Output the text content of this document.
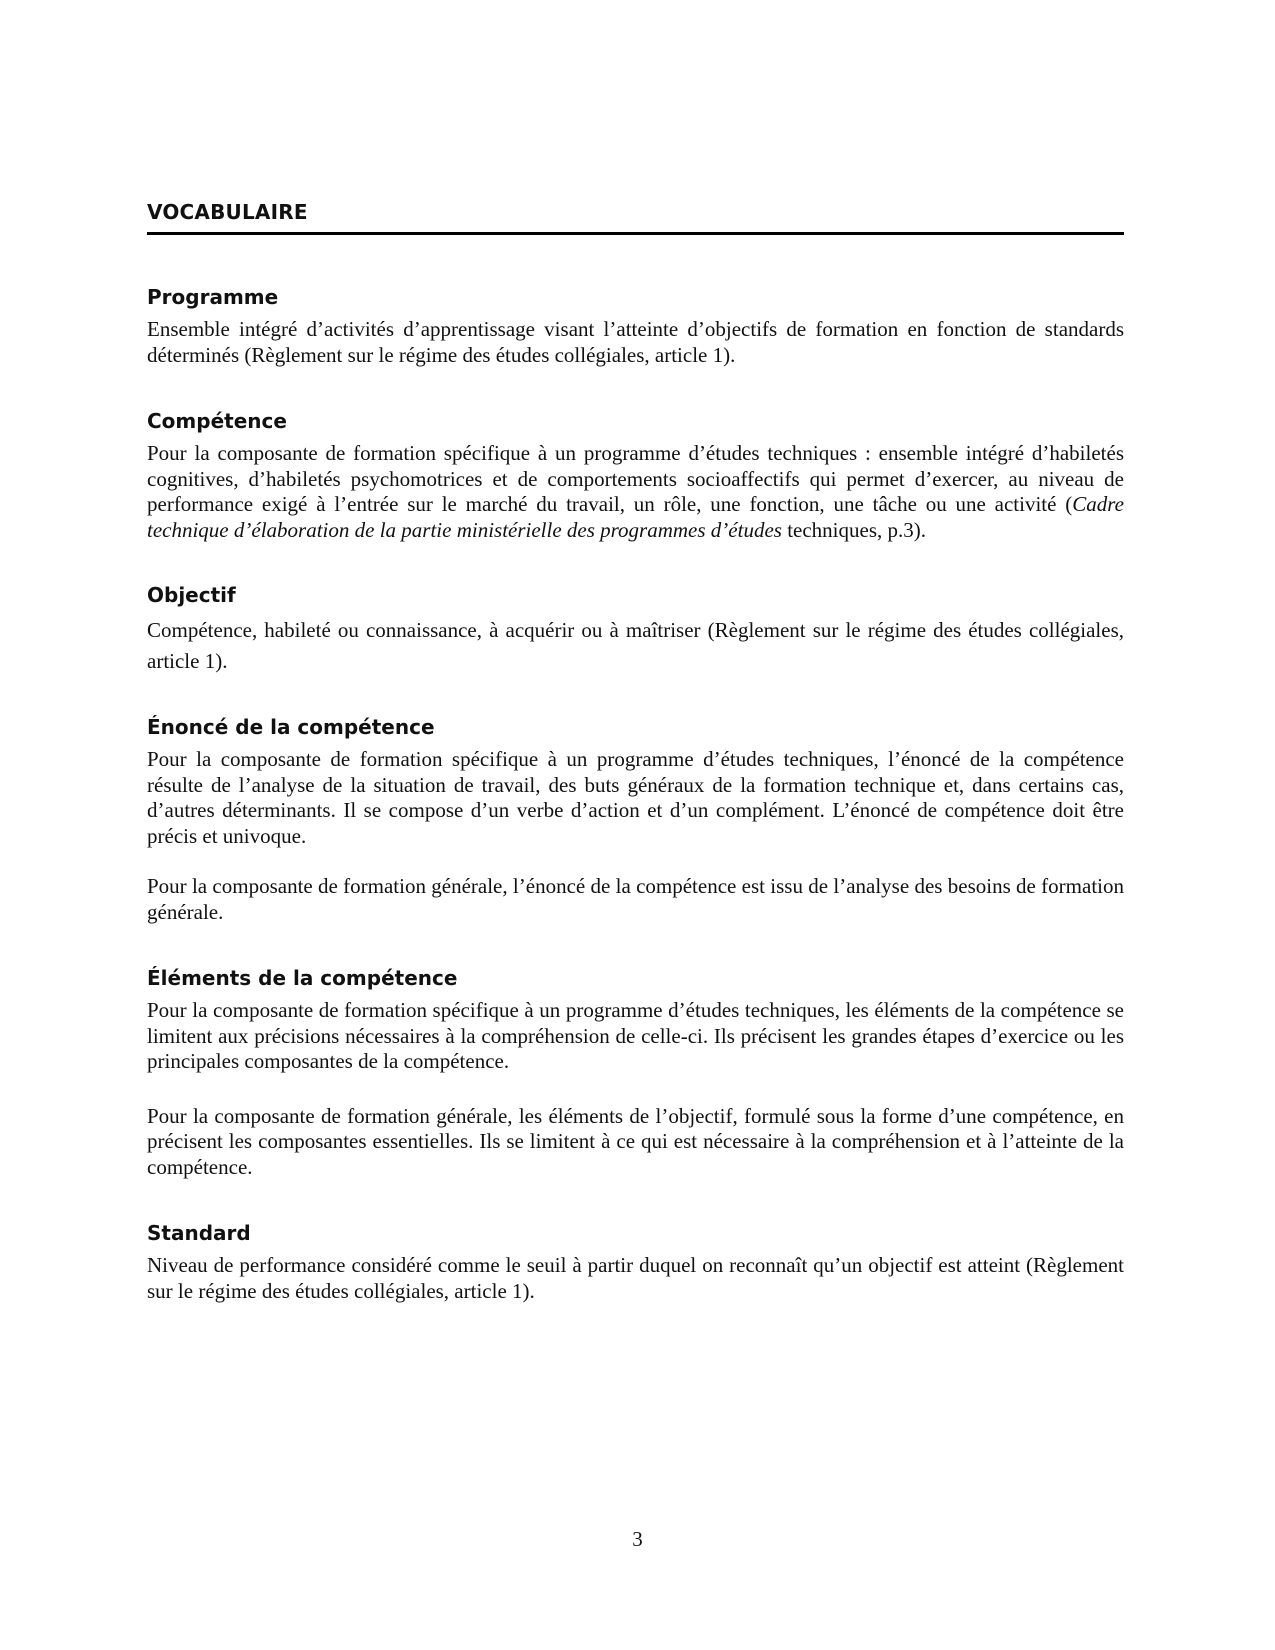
VOCABULAIRE
Programme

Ensemble intégré d’activités d’apprentissage visant l’atteinte d’objectifs de formation en fonction de standards déterminés (Règlement sur le régime des études collégiales, article 1).

Compétence

Pour la composante de formation spécifique à un programme d’études techniques : ensemble intégré d’habiletés cognitives, d’habiletés psychomotrices et de comportements socioaffectifs qui permet d’exercer, au niveau de performance exigé à l’entrée sur le marché du travail, un rôle, une fonction, une tâche ou une activité (Cadre technique d’élaboration de la partie ministérielle des programmes d’études techniques, p.3).

Objectif

Compétence, habileté ou connaissance, à acquérir ou à maîtriser (Règlement sur le régime des études collégiales, article 1).

Énoncé de la compétence

Pour la composante de formation spécifique à un programme d’études techniques, l’énoncé de la compétence résulte de l’analyse de la situation de travail, des buts généraux de la formation technique et, dans certains cas, d’autres déterminants. Il se compose d’un verbe d’action et d’un complément. L’énoncé de compétence doit être précis et univoque.

Pour la composante de formation générale, l’énoncé de la compétence est issu de l’analyse des besoins de formation générale.

Éléments de la compétence

Pour la composante de formation spécifique à un programme d’études techniques, les éléments de la compétence se limitent aux précisions nécessaires à la compréhension de celle-ci. Ils précisent les grandes étapes d’exercice ou les principales composantes de la compétence.

Pour la composante de formation générale, les éléments de l’objectif, formulé sous la forme d’une compétence, en précisent les composantes essentielles. Ils se limitent à ce qui est nécessaire à la compréhension et à l’atteinte de la compétence.

Standard

Niveau de performance considéré comme le seuil à partir duquel on reconnaît qu’un objectif est atteint (Règlement sur le régime des études collégiales, article 1).

3
